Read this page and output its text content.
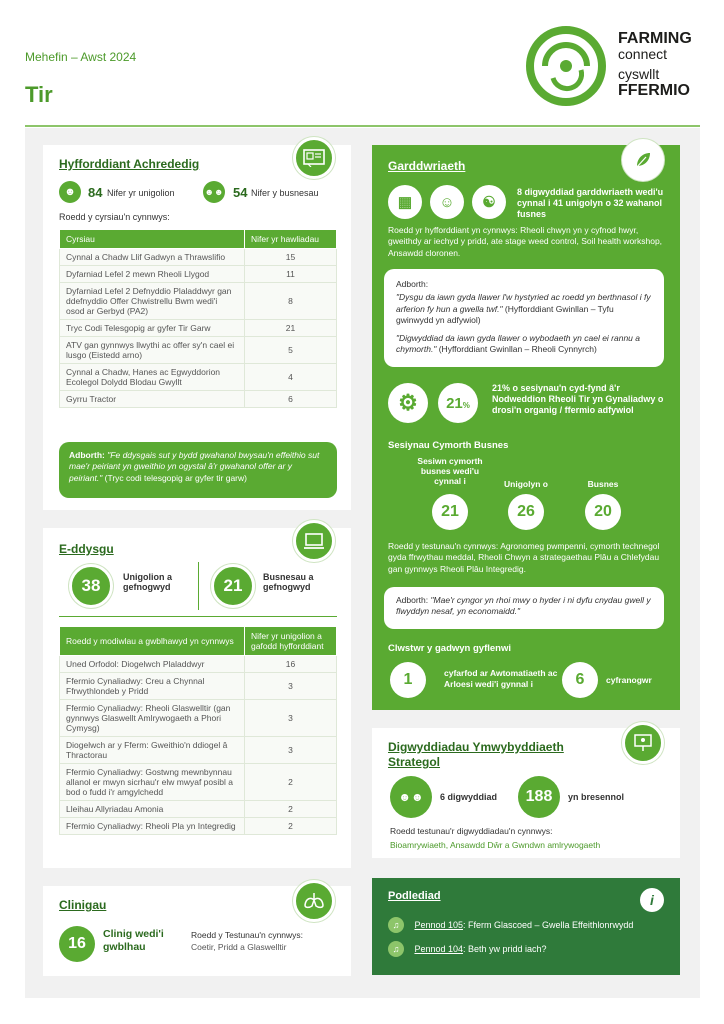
Mehefin – Awst 2024
Tir
FARMING
connect
cyswllt
FFERMIO
Hyfforddiant Achrededig
☻ 84 Nifer yr unigolion	☻☻ 54 Nifer y busnesau
Roedd y cyrsiau'n cynnwys:
Cyrsiau	Nifer yr hawliadau
Cynnal a Chadw Llif Gadwyn a Thrawslifio	15
Dyfarniad Lefel 2 mewn Rheoli Llygod	11
Dyfarniad Lefel 2 Defnyddio Plaladdwyr gan ddefnyddio Offer Chwistrellu Bwm wedi'i osod ar Gerbyd (PA2)	8
Tryc Codi Telesgopig ar gyfer Tir Garw	21
ATV gan gynnwys llwythi ac offer sy'n cael ei lusgo (Eistedd arno)	5
Cynnal a Chadw, Hanes ac Egwyddorion Ecolegol Dolydd Blodau Gwyllt	4
Gyrru Tractor	6
Adborth: "Fe ddysgais sut y bydd gwahanol bwysau'n effeithio sut mae'r peiriant yn gweithio yn ogystal â'r gwahanol offer ar y peiriant." (Tryc codi telesgopig ar gyfer tir garw)
E-ddysgu
38	Unigolion a gefnogwyd	21	Busnesau a gefnogwyd
Roedd y modiwlau a gwblhawyd yn cynnwys	Nifer yr unigolion a gafodd hyfforddiant
Uned Orfodol: Diogelwch Plaladdwyr	16
Ffermio Cynaliadwy: Creu a Chynnal Ffrwythlondeb y Pridd	3
Ffermio Cynaliadwy: Rheoli Glaswelltir (gan gynnwys Glaswellt Amlrywogaeth a Phori Cymysg)	3
Diogelwch ar y Fferm: Gweithio'n ddiogel â Thractorau	3
Ffermio Cynaliadwy: Gostwng mewnbynnau allanol er mwyn sicrhau'r elw mwyaf posibl a bod o fudd i'r amgylchedd	2
Lleihau Allyriadau Amonia	2
Ffermio Cynaliadwy: Rheoli Pla yn Integredig	2
Clinigau
16
Clinig wedi'i gwblhau
Roedd y Testunau'n cynnwys:
Coetir, Pridd a Glaswelltir
Garddwriaeth
▦	☺	☯
8 digwyddiad garddwriaeth wedi'u cynnal i 41 unigolyn o 32 wahanol fusnes
Roedd yr hyfforddiant yn cynnwys: Rheoli chwyn yn y cyfnod hwyr, gweithdy ar iechyd y pridd, ate stage weed control, Soil health workshop, Ansawdd cloronen.
Adborth:
"Dysgu da iawn gyda llawer l'w hystyried ac roedd yn berthnasol i fy arferion fy hun a gwella twf." (Hyfforddiant Gwinllan – Tyfu gwinwydd yn adfywiol)
"Digwyddiad da iawn gyda llawer o wybodaeth yn cael ei rannu a chymorth." (Hyfforddiant Gwinllan – Rheoli Cynnyrch)
⚙	21 %
21% o sesiynau'n cyd-fynd â'r Nodweddion Rheoli Tir yn Gynaliadwy o drosi'n organig / ffermio adfywiol
Sesiynau Cymorth Busnes
Sesiwn cymorth busnes wedi'u cynnal i
21
Unigolyn o
26
Busnes
20
Roedd y testunau'n cynnwys: Agronomeg pwmpenni, cymorth technegol gyda ffrwythau meddal, Rheoli Chwyn a strategaethau Plâu a Chlefydau gan gynnwys Rheoli Plâu Integredig.
Adborth: "Mae'r cyngor yn rhoi mwy o hyder i ni dyfu cnydau gwell y flwyddyn nesaf, yn economaidd."
Clwstwr y gadwyn gyflenwi
1	cyfarfod ar Awtomatiaeth ac Arloesi wedi'i gynnal i	6	cyfranogwr
Digwyddiadau Ymwybyddiaeth Strategol
☻☻	6 digwyddiad	188	yn bresennol
Roedd testunau'r digwyddiadau'n cynnwys:
Bioamrywiaeth, Ansawdd Dŵr a Gwndwn amlrywogaeth
Podlediad	i
♫ Pennod 105: Fferm Glascoed – Gwella Effeithlonrwydd
♫ Pennod 104: Beth yw pridd iach?
